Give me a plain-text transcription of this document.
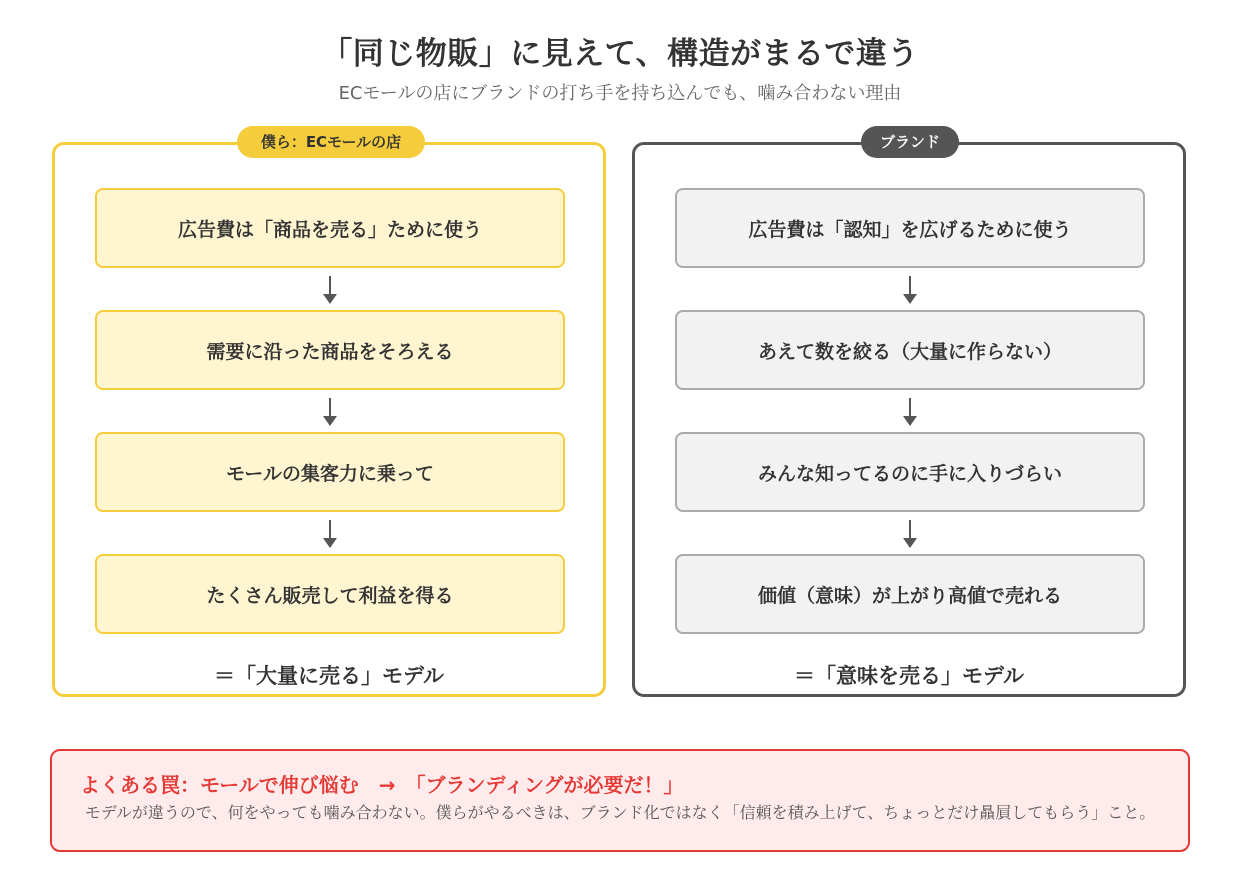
「同じ物販」に見えて、構造がまるで違う
ECモールの店にブランドの打ち手を持ち込んでも、噛み合わない理由
僕ら：ECモールの店
広告費は「商品を売る」ために使う
需要に沿った商品をそろえる
モールの集客力に乗って
たくさん販売して利益を得る
＝「大量に売る」モデル
ブランド
広告費は「認知」を広げるために使う
あえて数を絞る（大量に作らない）
みんな知ってるのに手に入りづらい
価値（意味）が上がり高値で売れる
＝「意味を売る」モデル
よくある罠：モールで伸び悩む　→　「ブランディングが必要だ！」
モデルが違うので、何をやっても噛み合わない。僕らがやるべきは、ブランド化ではなく「信頼を積み上げて、ちょっとだけ贔屓してもらう」こと。
